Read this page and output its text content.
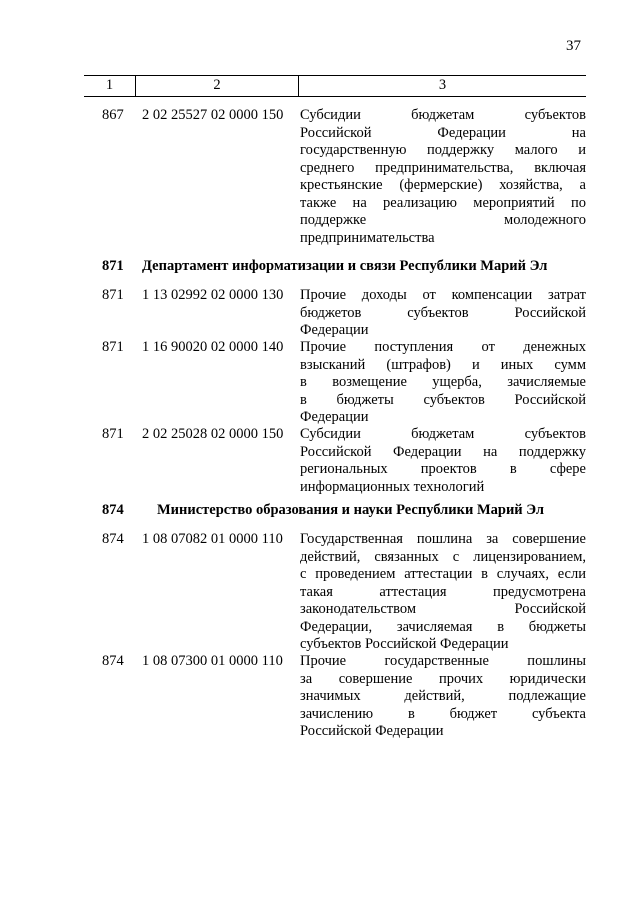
37
1	2	3
867 2 02 25527 02 0000 150 Субсидии бюджетам субъектов
Российской Федерации на
государственную поддержку малого и
среднего предпринимательства, включая
крестьянские (фермерские) хозяйства, а
также на реализацию мероприятий по
поддержке молодежного
предпринимательства
871 Департамент информатизации и связи Республики Марий Эл
871 1 13 02992 02 0000 130 Прочие доходы от компенсации затрат
бюджетов субъектов Российской
Федерации
871 1 16 90020 02 0000 140 Прочие поступления от денежных
взысканий (штрафов) и иных сумм
в возмещение ущерба, зачисляемые
в бюджеты субъектов Российской
Федерации
871 2 02 25028 02 0000 150 Субсидии бюджетам субъектов
Российской Федерации на поддержку
региональных проектов в сфере
информационных технологий
874 Министерство образования и науки Республики Марий Эл
874 1 08 07082 01 0000 110 Государственная пошлина за совершение
действий, связанных с лицензированием,
с проведением аттестации в случаях, если
такая аттестация предусмотрена
законодательством Российской
Федерации, зачисляемая в бюджеты
субъектов Российской Федерации
874 1 08 07300 01 0000 110 Прочие государственные пошлины
за совершение прочих юридически
значимых действий, подлежащие
зачислению в бюджет субъекта
Российской Федерации
